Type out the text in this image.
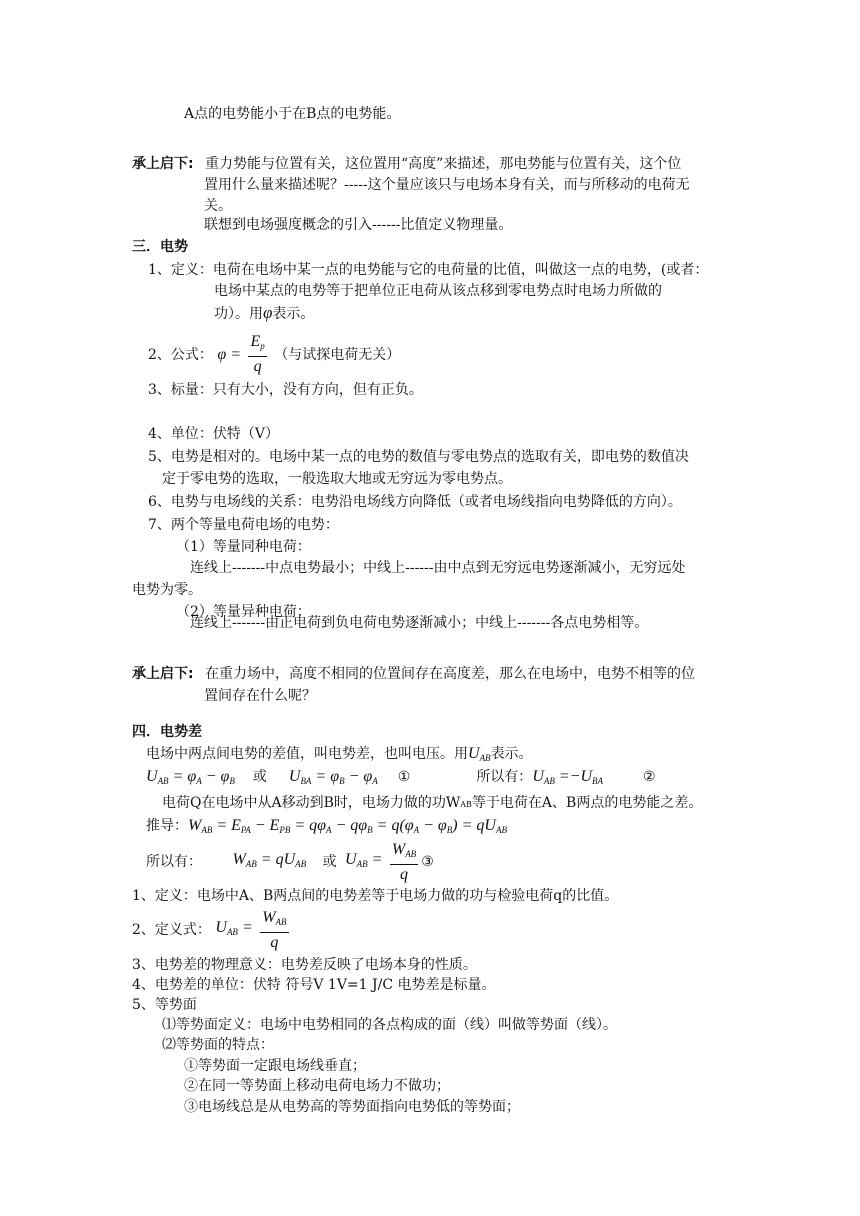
A点的电势能小于在B点的电势能。
承上启下: 重力势能与位置有关，这位置用“高度”来描述，那电势能与位置有关，这个位
置用什么量来描述呢？-----这个量应该只与电场本身有关，而与所移动的电荷无
关。
联想到电场强度概念的引入------比值定义物理量。
三．电势
1、定义：电荷在电场中某一点的电势能与它的电荷量的比值，叫做这一点的电势，(或者：
电场中某点的电势等于把单位正电荷从该点移到零电势点时电场力所做的
功）。用φ表示。
2、公式： $\varphi = \frac{E_p}{q}$ （与试探电荷无关）
3、标量：只有大小，没有方向，但有正负。
4、单位：伏特（V）
5、电势是相对的。电场中某一点的电势的数值与零电势点的选取有关，即电势的数值决
定于零电势的选取，一般选取大地或无穷远为零电势点。
6、电势与电场线的关系：电势沿电场线方向降低（或者电场线指向电势降低的方向）。
7、两个等量电荷电场的电势：
（1）等量同种电荷：
连线上-------中点电势最小；中线上------由中点到无穷远电势逐渐减小，无穷远处
电势为零。
（2）等量异种电荷：
连线上-------由正电荷到负电荷电势逐渐减小；中线上-------各点电势相等。
承上启下: 在重力场中，高度不相同的位置间存在高度差，那么在电场中，电势不相等的位
置间存在什么呢？
四．电势差
电场中两点间电势的差值，叫电势差，也叫电压。用$U_{AB}$表示。
$U_{AB} = \varphi_A - \varphi_B$ 或 $U_{BA} = \varphi_B - \varphi_A$ ①	所以有：$U_{AB} =-U_{BA}$	②
电荷Q在电场中从A移动到B时，电场力做的功WAB等于电荷在A、B两点的电势能之差。
推导：$W_{AB} = E_{PA} - E_{PB} = q\varphi_A - q\varphi_B = q(\varphi_A - \varphi_B) = qU_{AB}$
所以有： $W_{AB} = qU_{AB}$ 或 $U_{AB} = \frac{W_{AB}}{q}$ ③
1、定义：电场中A、B两点间的电势差等于电场力做的功与检验电荷q的比值。
2、定义式： $U_{AB} = \frac{W_{AB}}{q}$
3、电势差的物理意义：电势差反映了电场本身的性质。
4、电势差的单位：伏特 符号V 1V=1 J/C 电势差是标量。
5、等势面
⑴等势面定义：电场中电势相同的各点构成的面（线）叫做等势面（线）。
⑵等势面的特点：
①等势面一定跟电场线垂直；
②在同一等势面上移动电荷电场力不做功；
③电场线总是从电势高的等势面指向电势低的等势面；
